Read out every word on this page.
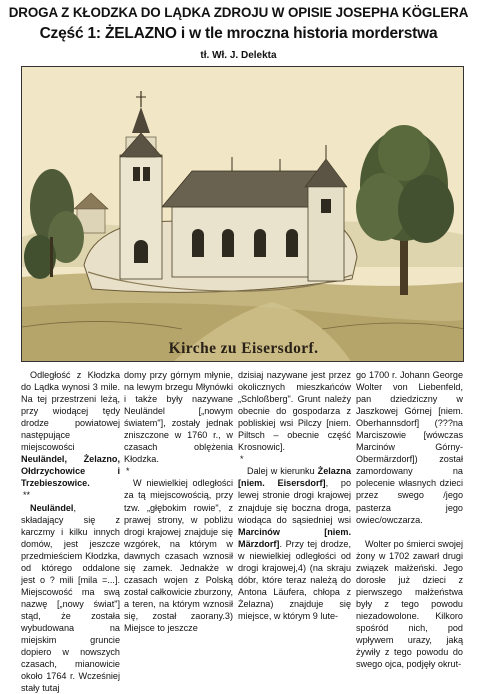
DROGA Z KŁODZKA DO LĄDKA ZDROJU W OPISIE JOSEPHA KÖGLERA
Część 1: ŻELAZNO i w tle mroczna historia morderstwa
tł. Wł. J. Delekta
Kirche zu Eisersdorf.

Odległość z Kłodzka do Lądka wynosi 3 mile. Na tej przestrzeni leżą, przy wiodącej tędy drodze powiatowej następujące miejscowości Neuländel, Żelazno, Ołdrzychowice i Trzebieszowice.

**

Neuländel, składający się z karczmy i kilku innych domów, jest jeszcze przedmieściem Kłodzka, od którego oddalone jest o ? mili [mila =...]. Miejscowość ma swą nazwę [„nowy świat"] stąd, że została wybudowana na miejskim gruncie dopiero w nowszych czasach, mianowicie około 1764 r. Wcześniej stały tutaj

domy przy górnym młynie, na lewym brzegu Młynówki i także były nazywane Neuländel [„nowym światem"], zostały jednak zniszczone w 1760 r., w czasach oblężenia Kłodzka.

*

W niewielkiej odległości za tą miejscowością, przy tzw. „głębokim rowie", z prawej strony, w pobliżu drogi krajowej znajduje się wzgórek, na którym w dawnych czasach wznosił się zamek. Jednakże w czasach wojen z Polską został całkowicie zburzony, a teren, na którym wznosił się, został zaorany.3) Miejsce to jeszcze

dzisiaj nazywane jest przez okolicznych mieszkańców „Schloßberg". Grunt należy obecnie do gospodarza z pobliskiej wsi Pilczy [niem. Piltsch – obecnie część Krosnowic].

*

Dalej w kierunku Żelazna [niem. Eisersdorf], po lewej stronie drogi krajowej znajduje się boczna droga, wiodąca do sąsiedniej wsi Marcinów [niem. Märzdorf]. Przy tej drodze, w niewielkiej odległości od drogi krajowej,4) (na skraju dóbr, które teraz należą do Antona Läufera, chłopa z Żelazna) znajduje się miejsce, w którym 9 lute-

go 1700 r. Johann George Wolter von Liebenfeld, pan dziedziczny w Jaszkowej Górnej [niem. Oberhannsdorf] (???na Marciszowie [wówczas Marcinów Górny-Obermärzdorf]) został zamordowany na polecenie własnych dzieci przez swego /jego pasterza jego owiec/owczarza.

Wolter po śmierci swojej żony w 1702 zawarł drugi związek małżeński. Jego dorosłe już dzieci z pierwszego małżeństwa były z tego powodu niezadowolone. Kilkoro spośród nich, pod wpływem urazy, jaką żywiły z tego powodu do swego ojca, podjęły okrut-
